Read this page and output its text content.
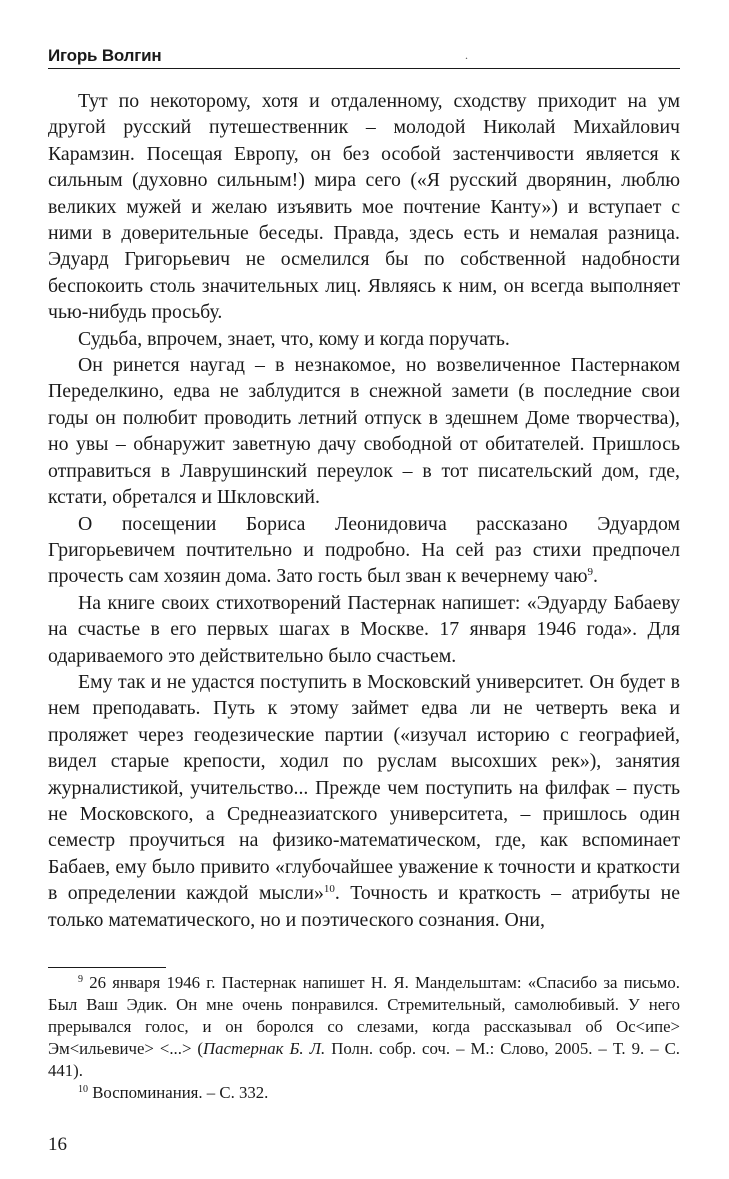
Игорь Волгин	.

Тут по некоторому, хотя и отдаленному, сходству приходит на ум другой русский путешественник – молодой Николай Михайлович Карамзин. Посещая Европу, он без особой застенчивости является к сильным (духовно сильным!) мира сего («Я русский дворянин, люблю великих мужей и желаю изъявить мое почтение Канту») и вступает с ними в доверительные беседы. Правда, здесь есть и немалая разница. Эдуард Григорьевич не осмелился бы по собственной надобности беспокоить столь значительных лиц. Являясь к ним, он всегда выполняет чью-нибудь просьбу.

Судьба, впрочем, знает, что, кому и когда поручать.

Он ринется наугад – в незнакомое, но возвеличенное Пастернаком Переделкино, едва не заблудится в снежной замети (в последние свои годы он полюбит проводить летний отпуск в здешнем Доме творчества), но увы – обнаружит заветную дачу свободной от обитателей. Пришлось отправиться в Лаврушинский переулок – в тот писательский дом, где, кстати, обретался и Шкловский.

О посещении Бориса Леонидовича рассказано Эдуардом Григорьевичем почтительно и подробно. На сей раз стихи предпочел прочесть сам хозяин дома. Зато гость был зван к вечернему чаю$^9$.

На книге своих стихотворений Пастернак напишет: «Эдуарду Бабаеву на счастье в его первых шагах в Москве. 17 января 1946 года». Для одариваемого это действительно было счастьем.

Ему так и не удастся поступить в Московский университет. Он будет в нем преподавать. Путь к этому займет едва ли не четверть века и проляжет через геодезические партии («изучал историю с географией, видел старые крепости, ходил по руслам высохших рек»), занятия журналистикой, учительство... Прежде чем поступить на филфак – пусть не Московского, а Среднеазиатского университета, – пришлось один семестр проучиться на физико-математическом, где, как вспоминает Бабаев, ему было привито «глубочайшее уважение к точности и краткости в определении каждой мысли»$^{10}$. Точность и краткость – атрибуты не только математического, но и поэтического сознания. Они,

$^9$ 26 января 1946 г. Пастернак напишет Н. Я. Мандельштам: «Спасибо за письмо. Был Ваш Эдик. Он мне очень понравился. Стремительный, самолюбивый. У него прерывался голос, и он боролся со слезами, когда рассказывал об Ос<ипе> Эм<ильевиче> <...> (Пастернак Б. Л. Полн. собр. соч. – М.: Слово, 2005. – Т. 9. – С. 441).

$^{10}$ Воспоминания. – С. 332.

16
